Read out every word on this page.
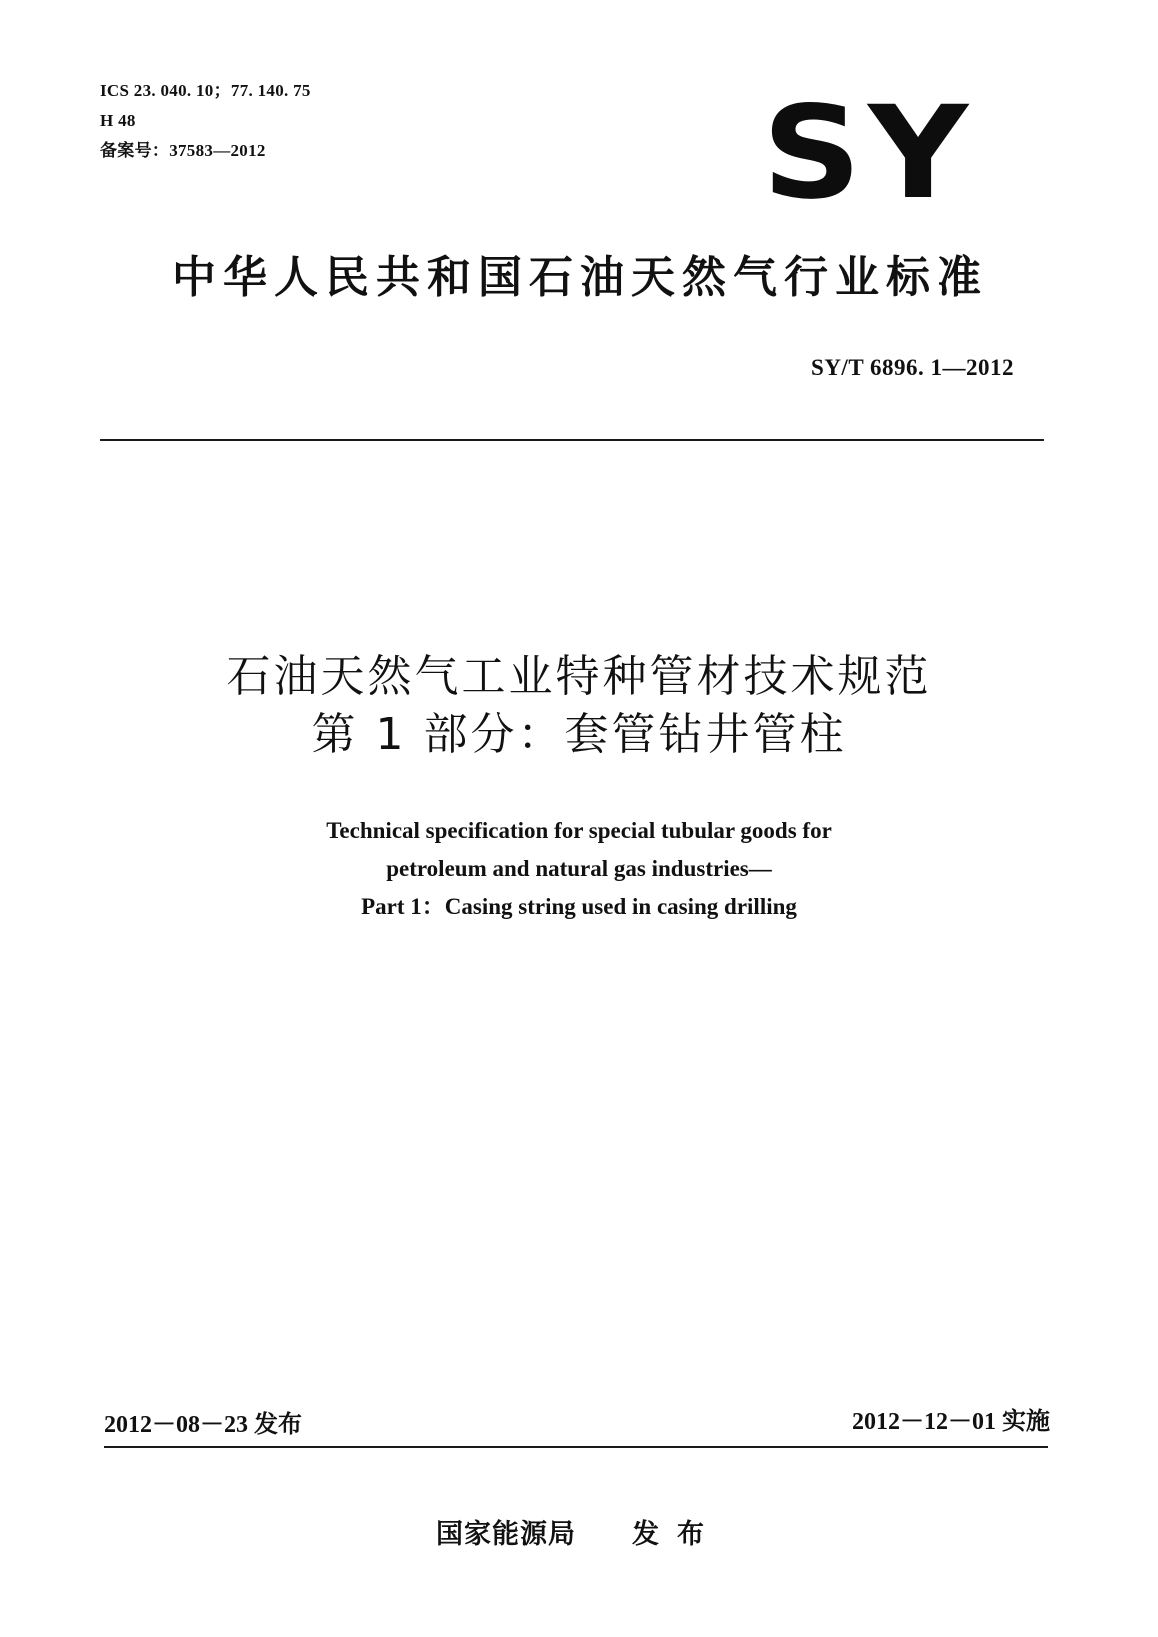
ICS 23. 040. 10；77. 140. 75
H 48
备案号：37583—2012	SY
中华人民共和国石油天然气行业标准
SY/T 6896. 1—2012
石油天然气工业特种管材技术规范
第 1 部分：套管钻井管柱
Technical specification for special tubular goods for
petroleum and natural gas industries—
Part 1：Casing string used in casing drilling
2012－08－23 发布	2012－12－01 实施
国家能源局 发布
